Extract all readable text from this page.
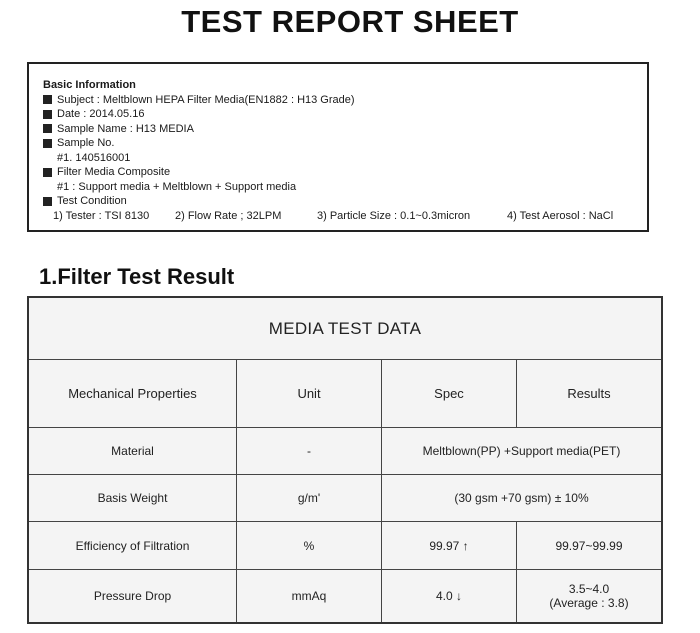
TEST REPORT SHEET
Basic Information
Subject : Meltblown HEPA Filter Media(EN1882 : H13 Grade)
Date : 2014.05.16
Sample Name : H13 MEDIA
Sample No.
#1. 140516001
Filter Media Composite
#1 : Support media + Meltblown + Support media
Test Condition
1) Tester : TSI 8130	2) Flow Rate ; 32LPM	3) Particle Size : 0.1~0.3micron	4) Test Aerosol : NaCl
1.Filter Test Result
MEDIA TEST DATA
Mechanical Properties	Unit	Spec	Results
Material	-	Meltblown(PP) +Support media(PET)
Basis Weight	g/m'	(30 gsm +70 gsm) ± 10%
Efficiency of Filtration	%	99.97 ↑	99.97~99.99
Pressure Drop	mmAq	4.0 ↓	3.5~4.0
(Average : 3.8)
